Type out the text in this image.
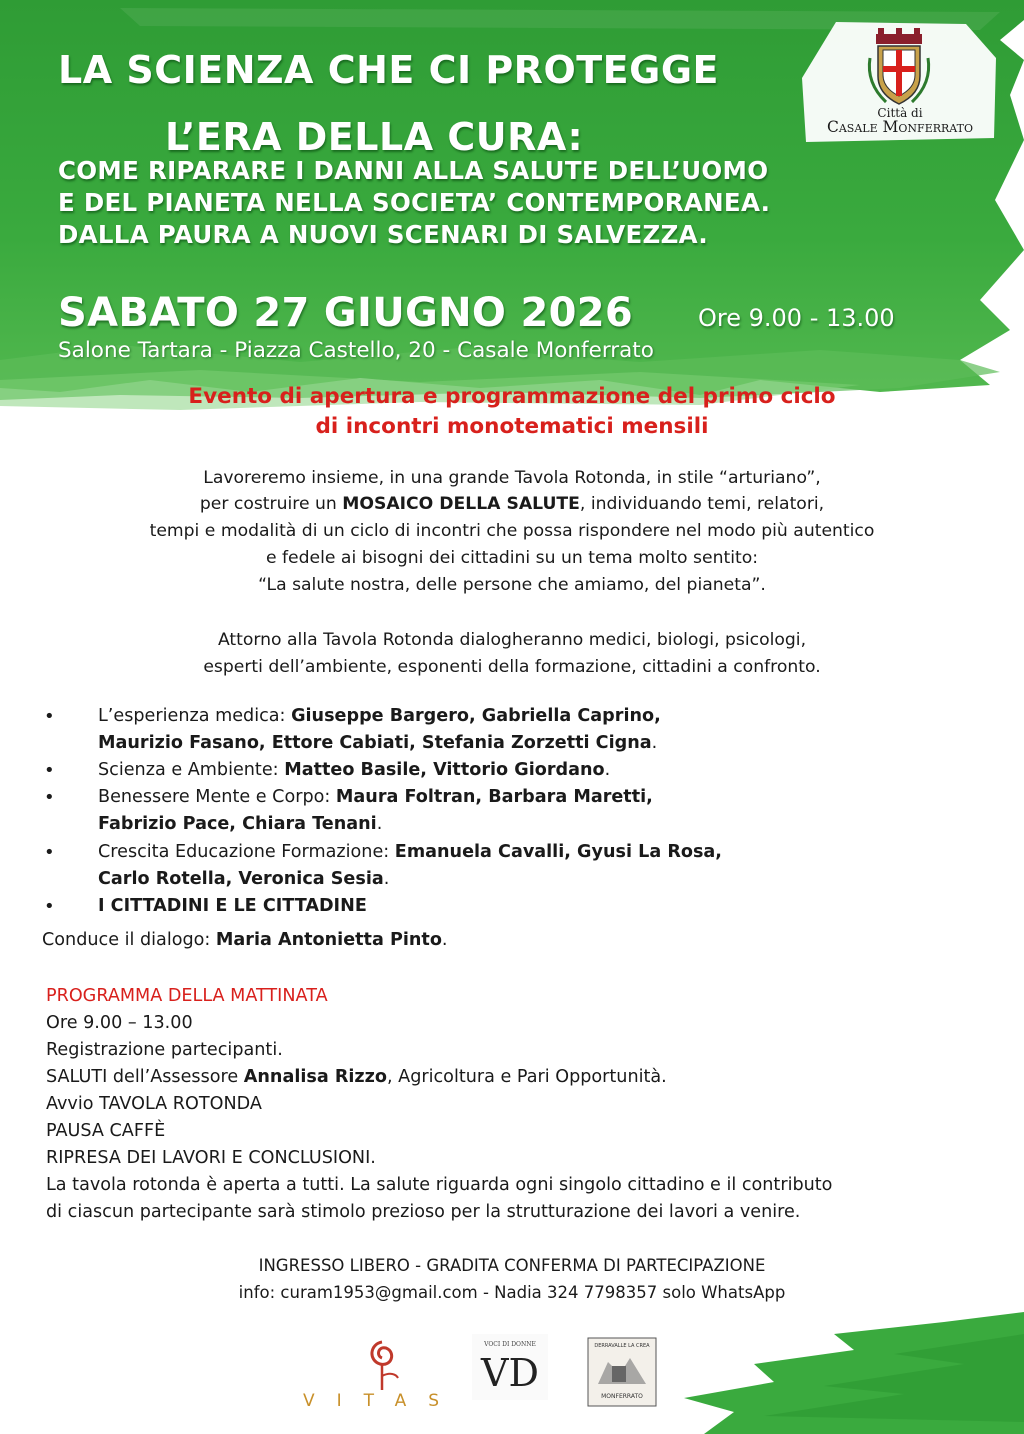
Città di
Casale Monferrato
LA SCIENZA CHE CI PROTEGGE
L’ERA DELLA CURA:
COME RIPARARE I DANNI ALLA SALUTE DELL’UOMO
E DEL PIANETA NELLA SOCIETA’ CONTEMPORANEA.
DALLA PAURA A NUOVI SCENARI DI SALVEZZA.
SABATO 27 GIUGNO 2026	Ore 9.00 - 13.00
Salone Tartara - Piazza Castello, 20 - Casale Monferrato
Evento di apertura e programmazione del primo ciclo
di incontri monotematici mensili
Lavoreremo insieme, in una grande Tavola Rotonda, in stile “arturiano”,
per costruire un MOSAICO DELLA SALUTE, individuando temi, relatori,
tempi e modalità di un ciclo di incontri che possa rispondere nel modo più autentico
e fedele ai bisogni dei cittadini su un tema molto sentito:
“La salute nostra, delle persone che amiamo, del pianeta”.
Attorno alla Tavola Rotonda dialogheranno medici, biologi, psicologi,
esperti dell’ambiente, esponenti della formazione, cittadini a confronto.
• L’esperienza medica: Giuseppe Bargero, Gabriella Caprino,
Maurizio Fasano, Ettore Cabiati, Stefania Zorzetti Cigna.
• Scienza e Ambiente: Matteo Basile, Vittorio Giordano.
• Benessere Mente e Corpo: Maura Foltran, Barbara Maretti,
Fabrizio Pace, Chiara Tenani.
• Crescita Educazione Formazione: Emanuela Cavalli, Gyusi La Rosa,
Carlo Rotella, Veronica Sesia.
• I CITTADINI E LE CITTADINE
Conduce il dialogo: Maria Antonietta Pinto.
PROGRAMMA DELLA MATTINATA
Ore 9.00 – 13.00
Registrazione partecipanti.
SALUTI dell’Assessore Annalisa Rizzo, Agricoltura e Pari Opportunità.
Avvio TAVOLA ROTONDA
PAUSA CAFFÈ
RIPRESA DEI LAVORI E CONCLUSIONI.
La tavola rotonda è aperta a tutti. La salute riguarda ogni singolo cittadino e il contributo
di ciascun partecipante sarà stimolo prezioso per la strutturazione dei lavori a venire.
INGRESSO LIBERO - GRADITA CONFERMA DI PARTECIPAZIONE
info: curam1953@gmail.com - Nadia 324 7798357 solo WhatsApp
VITAS
VOCI DI DONNE
VD
DERRAVALLE LA CREA
MONFERRATO
